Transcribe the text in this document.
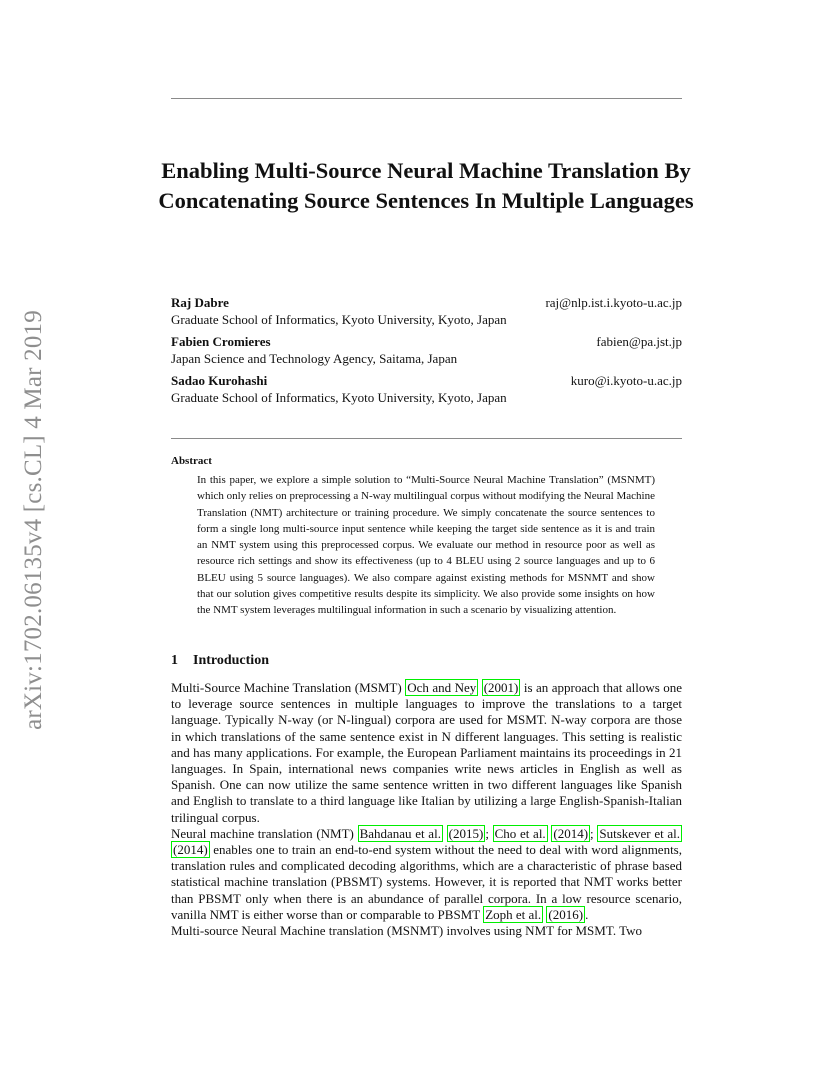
arXiv:1702.06135v4 [cs.CL] 4 Mar 2019
Enabling Multi-Source Neural Machine Translation By Concatenating Source Sentences In Multiple Languages
Raj Dabre
Graduate School of Informatics, Kyoto University, Kyoto, Japan
raj@nlp.ist.i.kyoto-u.ac.jp
Fabien Cromieres
Japan Science and Technology Agency, Saitama, Japan
fabien@pa.jst.jp
Sadao Kurohashi
Graduate School of Informatics, Kyoto University, Kyoto, Japan
kuro@i.kyoto-u.ac.jp
Abstract
In this paper, we explore a simple solution to “Multi-Source Neural Machine Translation” (MSNMT) which only relies on preprocessing a N-way multilingual corpus without modifying the Neural Machine Translation (NMT) architecture or training procedure. We simply concatenate the source sentences to form a single long multi-source input sentence while keeping the target side sentence as it is and train an NMT system using this preprocessed corpus. We evaluate our method in resource poor as well as resource rich settings and show its effectiveness (up to 4 BLEU using 2 source languages and up to 6 BLEU using 5 source languages). We also compare against existing methods for MSNMT and show that our solution gives competitive results despite its simplicity. We also provide some insights on how the NMT system leverages multilingual information in such a scenario by visualizing attention.
1 Introduction

Multi-Source Machine Translation (MSMT) Och and Ney (2001) is an approach that allows one to leverage source sentences in multiple languages to improve the translations to a target language. Typically N-way (or N-lingual) corpora are used for MSMT. N-way corpora are those in which translations of the same sentence exist in N different languages. This setting is realistic and has many applications. For example, the European Parliament maintains its proceedings in 21 languages. In Spain, international news companies write news articles in English as well as Spanish. One can now utilize the same sentence written in two different languages like Spanish and English to translate to a third language like Italian by utilizing a large English-Spanish-Italian trilingual corpus.

Neural machine translation (NMT) Bahdanau et al. (2015) ; Cho et al. (2014) ; Sutskever et al. (2014) enables one to train an end-to-end system without the need to deal with word alignments, translation rules and complicated decoding algorithms, which are a characteristic of phrase based statistical machine translation (PBSMT) systems. However, it is reported that NMT works better than PBSMT only when there is an abundance of parallel corpora. In a low resource scenario, vanilla NMT is either worse than or comparable to PBSMT Zoph et al. (2016) .

Multi-source Neural Machine translation (MSNMT) involves using NMT for MSMT. Two
